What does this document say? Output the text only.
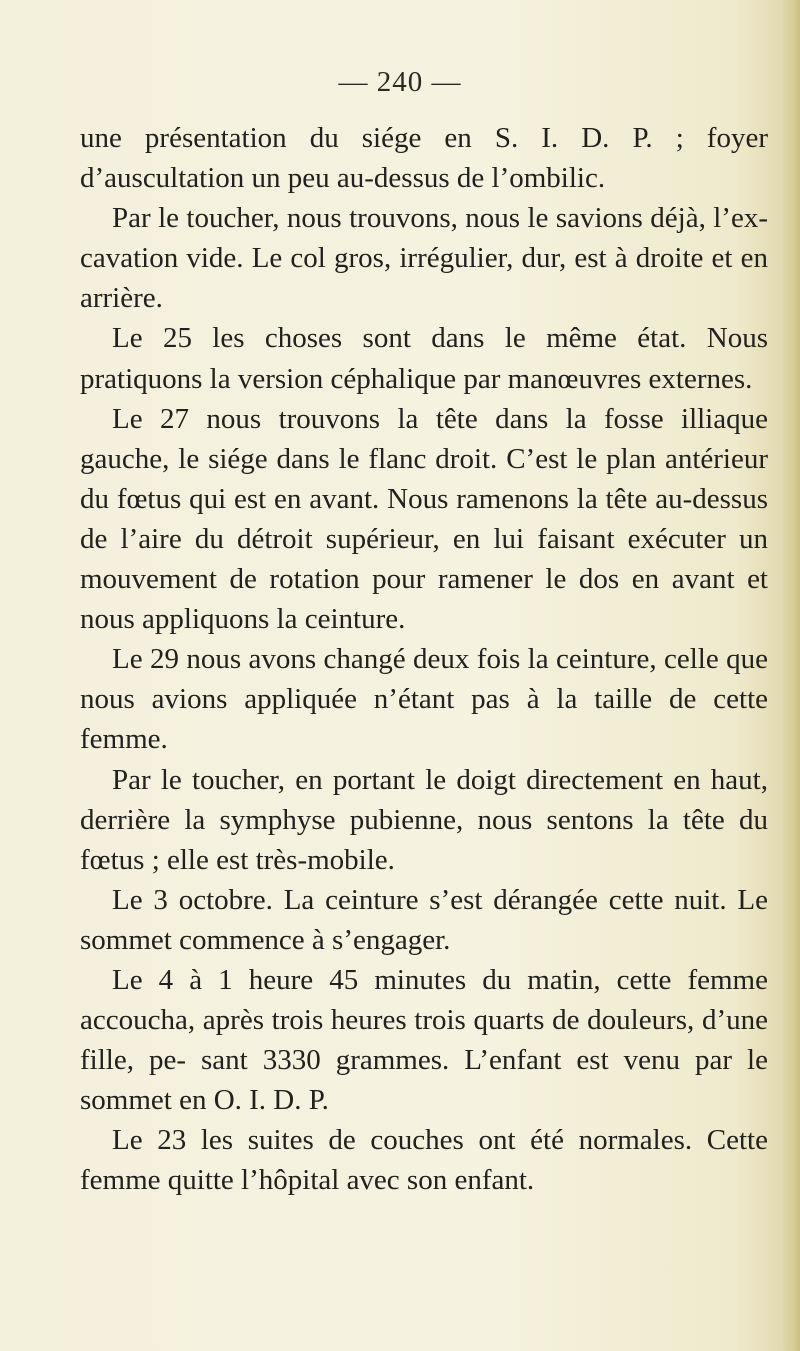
— 240 —

une présentation du siége en S. I. D. P. ; foyer d’auscultation un peu au-dessus de l’ombilic.

Par le toucher, nous trouvons, nous le savions déjà, l’ex- cavation vide. Le col gros, irrégulier, dur, est à droite et en arrière.

Le 25 les choses sont dans le même état. Nous pratiquons la version céphalique par manœuvres externes.

Le 27 nous trouvons la tête dans la fosse illiaque gauche, le siége dans le flanc droit. C’est le plan antérieur du fœtus qui est en avant. Nous ramenons la tête au-dessus de l’aire du détroit supérieur, en lui faisant exécuter un mouvement de rotation pour ramener le dos en avant et nous appliquons la ceinture.

Le 29 nous avons changé deux fois la ceinture, celle que nous avions appliquée n’étant pas à la taille de cette femme.

Par le toucher, en portant le doigt directement en haut, derrière la symphyse pubienne, nous sentons la tête du fœtus ; elle est très-mobile.

Le 3 octobre. La ceinture s’est dérangée cette nuit. Le sommet commence à s’engager.

Le 4 à 1 heure 45 minutes du matin, cette femme accoucha, après trois heures trois quarts de douleurs, d’une fille, pe- sant 3330 grammes. L’enfant est venu par le sommet en O. I. D. P.

Le 23 les suites de couches ont été normales. Cette femme quitte l’hôpital avec son enfant.
